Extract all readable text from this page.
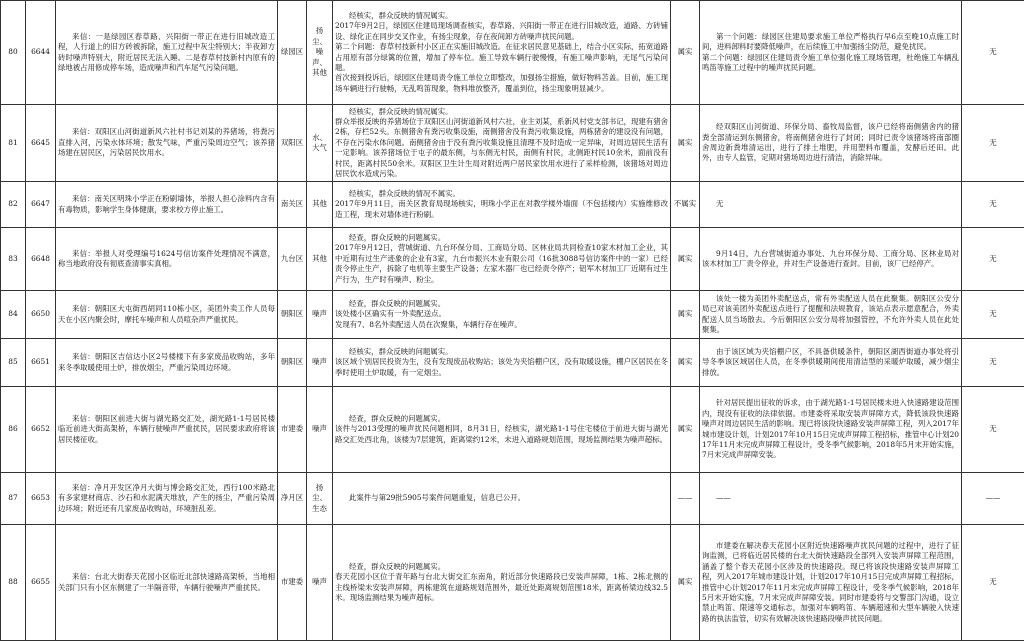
80	6644	来信：一是绿园区春草路、兴阳街一带正在进行旧城改造工程，人行道上的旧方砖被拆除，施工过程中灰尘特别大；半夜卸方砖时噪声特别大，附近居民无法入睡。二是春草村技新村内原有的绿地被占用修成停车场，造成噪声和汽车尾气污染问题。	绿园区	扬尘、噪声、其他	经核实，群众反映的情况属实。
2017年9月2日，绿园区住建局现场调查核实，春草路、兴阳街一带正在进行旧城改造，道路、方砖铺设、绿化正在同步交叉作业，有扬尘现象，存在夜间卸方砖噪声扰民问题。
第二个问题：春草村技新村小区正在实施旧城改造。在征求居民意见基础上，结合小区实际，拓宽道路占用原有部分绿篱的位置，增加了停车位。施工导致车辆行驶慢慢，有施工噪声影响，无尾气污染问题。
首次接到投诉后，绿园区住建局责令施工单位立即整改，加强扬尘措施，做好物料苫盖。目前，施工现场车辆进行行驶畅，无乱鸣笛现象，物料堆放整齐，覆盖到位，扬尘现象明显减少。	属实	第一个问题：绿园区住建局要求施工单位严格执行早6点至晚10点施工时间，进料卸料时要降低噪声，在后续施工中加强扬尘防范，避免扰民。
第二个问题：绿园区住建局责令施工单位强化施工现场管理，杜绝施工车辆乱鸣笛等施工过程中的噪声扰民问题。	无

81	6645	来信：双阳区山河街道新风六社村书记刘某的养猪场，将粪污直排入河，污染水体环境；散发气味，严重污染周边空气；该养猪场建在居民区，污染居民饮用水。	双阳区	水、大气	经核实，群众反映的情况属实。
群众举报反映的养猪场位于双阳区山河街道新风村六社，业主刘某，系新风村党支部书记，现建有猪舍2栋，存栏52头。东侧猪舍有粪污收集设施，南侧猪舍没有粪污收集设施，两栋猪舍的建设没有问题，不存在污染水体问题。南侧猪舍由于没有粪污收集设施且清理不及时造成一定异味，对周边居民生活有一定影响。该养猪场位于屯子的最东侧，与东侧无村民，南侧有村民，北侧距村民10余米，面前没有村民，距离村民50余米。双阳区卫生计生局对附近两户居民家饮用水进行了采样检测，该猪场对周边居民饮水造成污染。	属实	经双阳区山河街道、环保分局、畜牧局监督，该户已经将南侧猪舍内的猪粪全部清运到东侧猪舍，将南侧猪舍进行了封闭；同时已责令该猪场将南部圈舍周边新粪堆清运出，进行了排土堆肥，并用塑料布覆盖，发酵后还田。此外，由专人监管，定期对猪场周边进行清洁，消除异味。	无

82	6647	来信：南关区明珠小学正在粉刷墙体，举报人担心涂料内含有有毒物质，影响学生身体健康，要求校方停止施工。	南关区	其他	经核实，群众反映的情况不属实。
2017年9月11日，南关区教育局现场核实，明珠小学正在对教学楼外墙面（不包括楼内）实施维修改造工程，现未对墙体进行粉刷。	不属实	无	无

83	6648	来信：举报人对受理编号1624号信访案件处理情况不满意，称当地政府没有彻底查清事实真相。	九台区	其他	经查，群众反映的问题属实。
2017年9月12日，营城街道、九台环保分局、工商局分局、区林业局共同检查10家木材加工企业，其中近期有过生产迹象的企业有3家，九台市振兴木业有限公司（16批3088号信访案件中的一家）已经责令停止生产，拆除了电机等主要生产设备；左家木器厂也已经责令停产；铝军木材加工厂近期有过生产行为，生产时有噪声、粉尘。	属实	9月14日，九台营城街道办事处、九台环保分局、工商分局、区林业局对该木材加工厂责令停业，并对生产设备进行查封。目前，该厂已经停产。	无

84	6650	来信：朝阳区大屯街西胡同110栋小区，美团外卖工作人员每天在小区内聚会时，摩托车噪声和人员喧杂声严重扰民。	朝阳区	噪声	经查，群众反映的问题属实。
该处楼小区确实有一外卖配送点。
发现有7、8名外卖配送人员在次聚集，车辆行存在噪声。	属实	该处一楼为美团外卖配送点，常有外卖配送人员在此聚集。朝阳区公安分局已对该美团外卖配送点进行了提醒和法规教育，该站点表示愿意配合，外卖配送人员当场散去。今后朝阳区公安分局将加强管控，不允许外卖人员在此处聚集。	无

85	6651	来信：朝阳区吉信达小区2号楼楼下有多家废品收购站，多年来冬季取暖使用土炉，排放烟尘，严重污染周边环境。	朝阳区	噪声	经核实，群众反映的问题属实。
该区域个别居民投资为生，没有发现废品收购站；该处为夹馅棚户区，没有取暖设施，棚户区居民在冬季时使用土炉取暖，有一定烟尘。	属实	由于该区域为夹馅棚户区，不具备供暖条件，朝阳区湖西街道办事处将引导冬季该区域居住人员，在冬季供暖期间使用清洁型的采暖炉取暖，减少烟尘排放。	无

86	6652	来信：朝阳区前进大街与湖光路交汇处，湖光路1-1号居民楼临近前进大街高架桥，车辆行驶噪声严重扰民，居民要求政府将该居民楼征收。	市建委	噪声	经查，群众反映的问题属实。
该件与2013受理的噪声扰民问题相同，8月31日，经核实，湖光路1-1号住宅楼位于前进大街与湖光路交汇处西北角，该楼为7层建筑，距离梁约12米，未进入道路规划范围，现场监测结果为噪声超标。	属实	针对居民提出征收的诉求，由于湖光路1-1号居民楼未进入快速路建设范围内，现没有征收的法律依据。市建委将采取安装声屏障方式，降低该段快速路噪声对周边居民生活的影响。现已将该段快速路安装声屏障工程，列入2017年城市建设计划，计划2017年10月15日完成声屏障工程招标，推管中心计划2017年11月末完成声屏障工程设计，受冬季气候影响，2018年5月末开始实施，7月末完成声屏障安装。	无

87	6653	来信：净月开发区净月大街与博会路交汇处，西行100米路北有多家建材商店、沙石和水泥满天堆放，产生的扬尘，严重污染周边环境；附近还有几家废品收购站，环境脏乱差。	净月区	扬尘、生态	此案件与第29批5905号案件问题重复，信息已公开。	——	——	——

88	6655	来信：台北大街春天花园小区临近北部快速路高架桥，当地相关部门只有小区东侧建了一半隔音带，车辆行驶噪声严重扰民。	市建委	噪声	经查，群众反映的问题属实。
春天花园小区位于青年路与台北大街交汇东南角，附近部分快速路段已安装声屏障，1栋、2栋北侧的主线桥梁未安装声屏障，两栋建筑在道路规划范围外，最近处距离规划范围18米，距离桥梁边线32.5米。现场监测结果为噪声超标。	属实	市建委在解决春天花园小区附近快速路噪声扰民问题的过程中，进行了征询监测，已将临近居民楼的台北大街快速路段全部列入安装声屏障工程范围，涵盖了整个春天花园小区涉及的快速路段。现已将该段快速路安装声屏障工程，列入2017年城市建设计划，计划2017年10月15日完成声屏障工程招标，推管中心计划2017年11月末完成声屏障工程设计，受冬季气候影响，2018年5月末开始实施，7月末完成声屏障安装。同时市建委将与交警部门沟通，设立禁止鸣笛、限速等交通标志，加强对车辆鸣笛、车辆超速和大型车辆驶入快速路的执法监管，切实有效解决该快速路段噪声扰民问题。	无
